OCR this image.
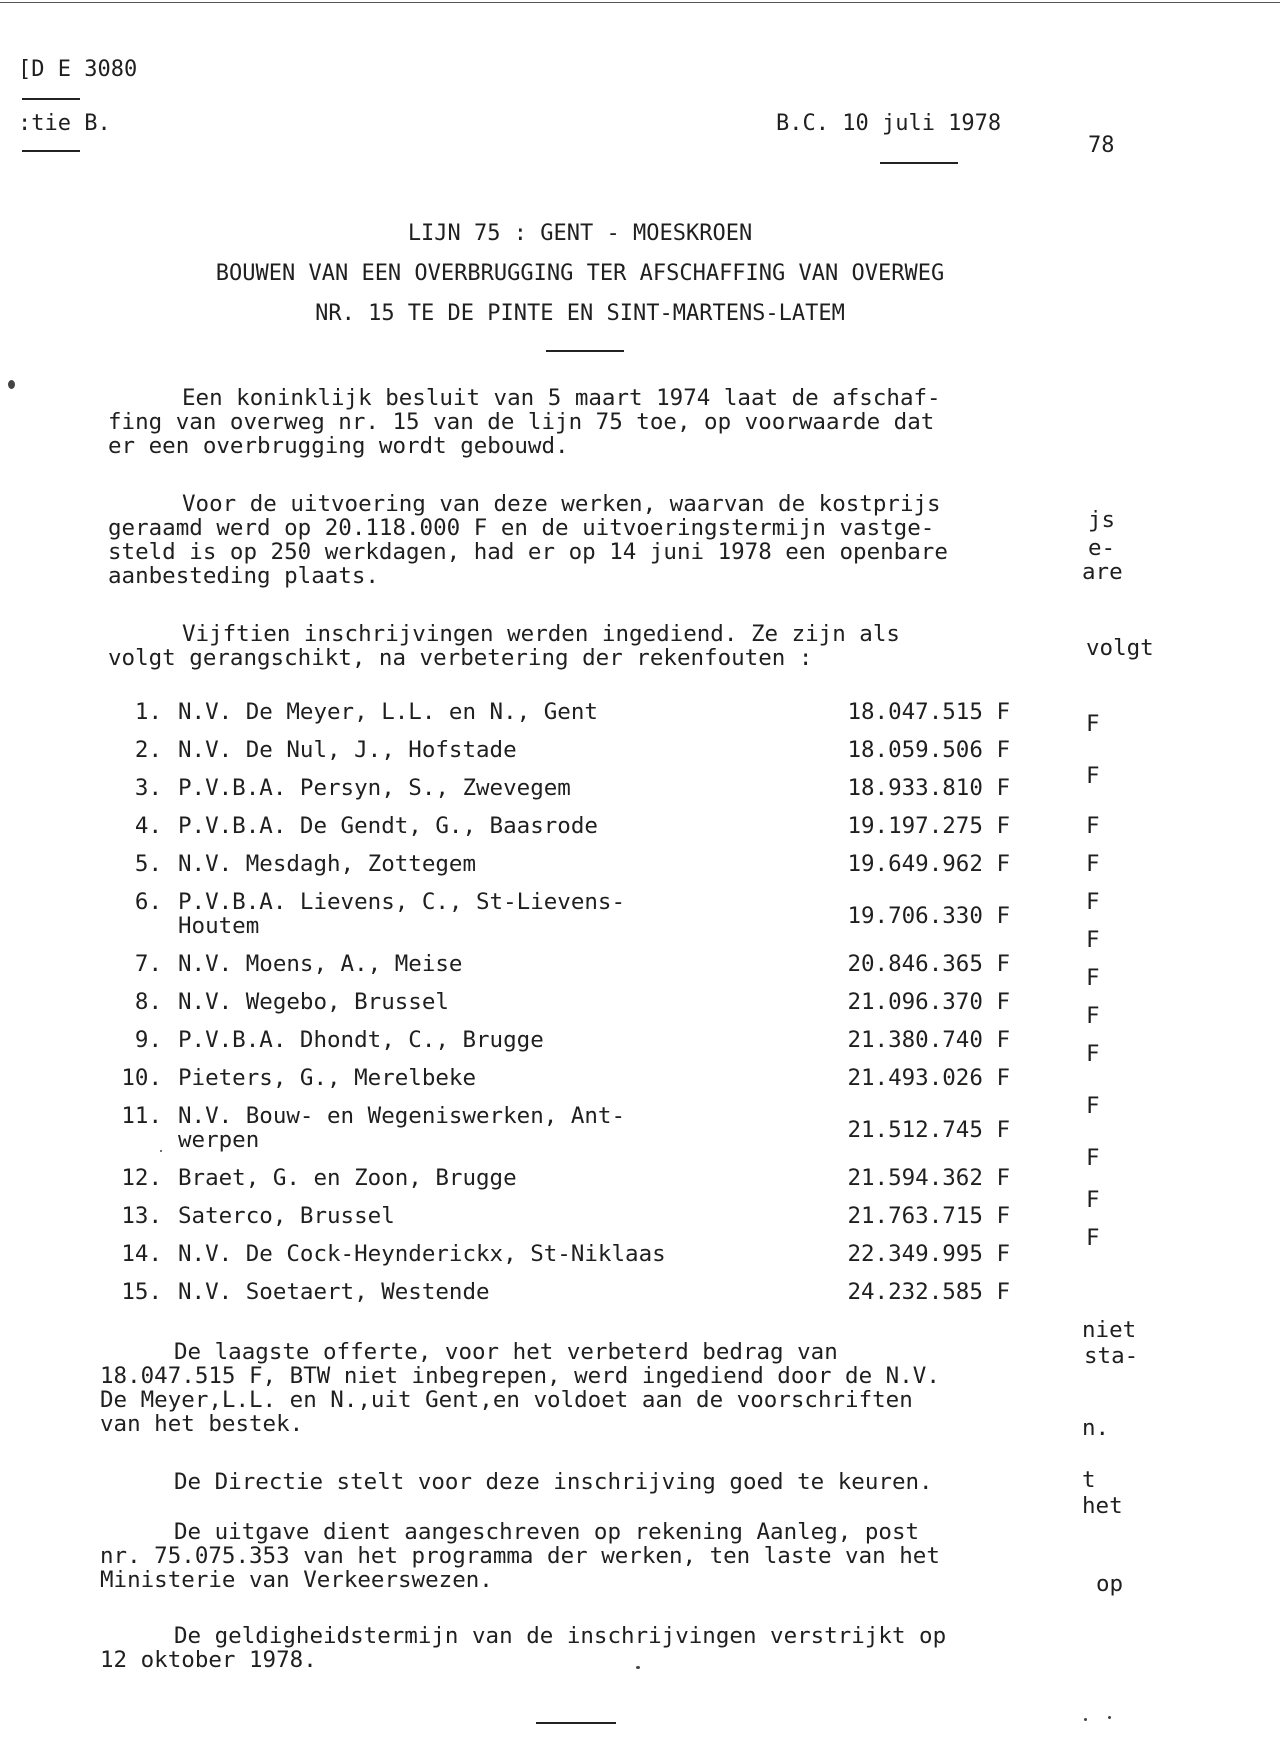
[D E 3080
:tie B.	B.C. 10 juli 1978
78
LIJN 75 : GENT - MOESKROEN
BOUWEN VAN EEN OVERBRUGGING TER AFSCHAFFING VAN OVERWEG
NR. 15 TE DE PINTE EN SINT-MARTENS-LATEM
Een koninklijk besluit van 5 maart 1974 laat de afschaf-
fing van overweg nr. 15 van de lijn 75 toe, op voorwaarde dat
er een overbrugging wordt gebouwd.
Voor de uitvoering van deze werken, waarvan de kostprijs
geraamd werd op 20.118.000 F en de uitvoeringstermijn vastge-
steld is op 250 werkdagen, had er op 14 juni 1978 een openbare
aanbesteding plaats.
Vijftien inschrijvingen werden ingediend. Ze zijn als
volgt gerangschikt, na verbetering der rekenfouten :
De laagste offerte, voor het verbeterd bedrag van
18.047.515 F, BTW niet inbegrepen, werd ingediend door de N.V.
De Meyer,L.L. en N.,uit Gent,en voldoet aan de voorschriften
van het bestek.
De Directie stelt voor deze inschrijving goed te keuren.
De uitgave dient aangeschreven op rekening Aanleg, post
nr. 75.075.353 van het programma der werken, ten laste van het
Ministerie van Verkeerswezen.
De geldigheidstermijn van de inschrijvingen verstrijkt op
12 oktober 1978.
1. N.V. De Meyer, L.L. en N., Gent	18.047.515 F
2. N.V. De Nul, J., Hofstade	18.059.506 F
3. P.V.B.A. Persyn, S., Zwevegem	18.933.810 F
4. P.V.B.A. De Gendt, G., Baasrode	19.197.275 F
5. N.V. Mesdagh, Zottegem	19.649.962 F
6. P.V.B.A. Lievens, C., St-Lievens-
Houtem	19.706.330 F
7. N.V. Moens, A., Meise	20.846.365 F
8. N.V. Wegebo, Brussel	21.096.370 F
9. P.V.B.A. Dhondt, C., Brugge	21.380.740 F
10. Pieters, G., Merelbeke	21.493.026 F
11. N.V. Bouw- en Wegeniswerken, Ant-
werpen	21.512.745 F
12. Braet, G. en Zoon, Brugge	21.594.362 F
13. Saterco, Brussel	21.763.715 F
14. N.V. De Cock-Heynderickx, St-Niklaas	22.349.995 F
15. N.V. Soetaert, Westende	24.232.585 F
js
e-
are
volgt
F
F
F
F
F
F
F
F
F
F
F
F
F
niet
sta-
n.
t
het
op
